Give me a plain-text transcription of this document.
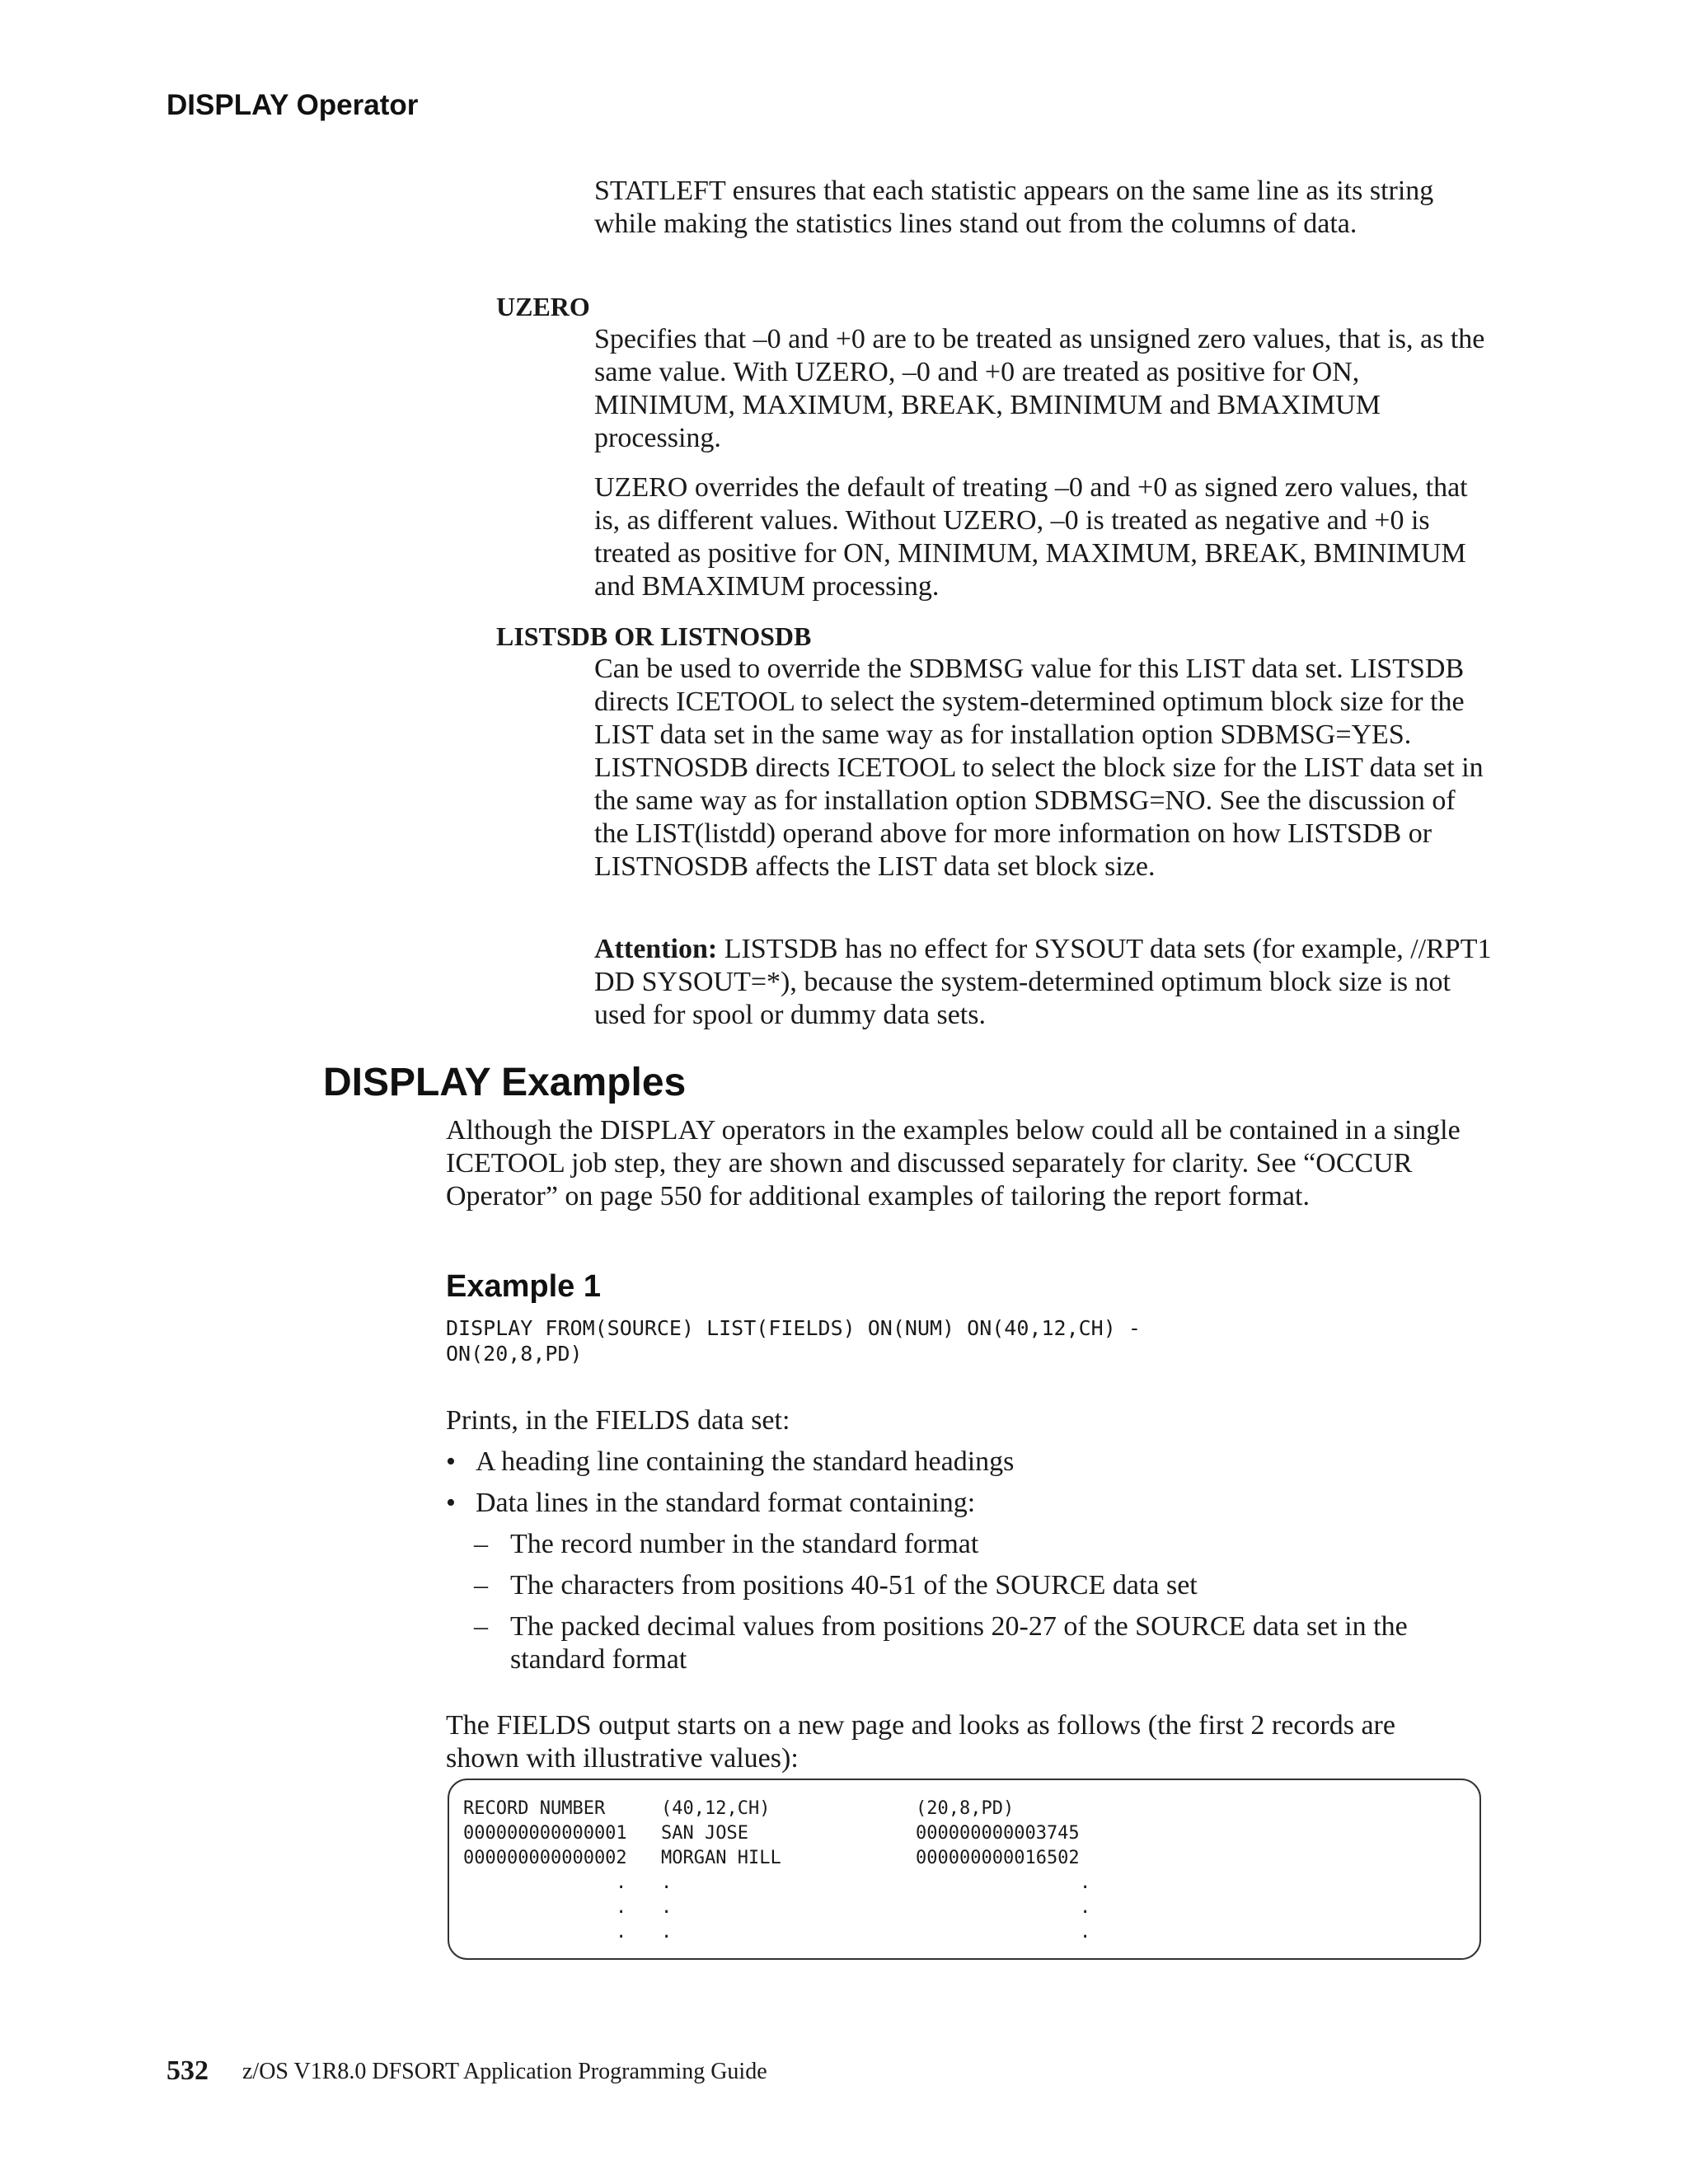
DISPLAY Operator

STATLEFT ensures that each statistic appears on the same line as its string while making the statistics lines stand out from the columns of data.

UZERO

Specifies that –0 and +0 are to be treated as unsigned zero values, that is, as the same value. With UZERO, –0 and +0 are treated as positive for ON, MINIMUM, MAXIMUM, BREAK, BMINIMUM and BMAXIMUM processing.

UZERO overrides the default of treating –0 and +0 as signed zero values, that is, as different values. Without UZERO, –0 is treated as negative and +0 is treated as positive for ON, MINIMUM, MAXIMUM, BREAK, BMINIMUM and BMAXIMUM processing.

LISTSDB OR LISTNOSDB

Can be used to override the SDBMSG value for this LIST data set. LISTSDB directs ICETOOL to select the system-determined optimum block size for the LIST data set in the same way as for installation option SDBMSG=YES. LISTNOSDB directs ICETOOL to select the block size for the LIST data set in the same way as for installation option SDBMSG=NO. See the discussion of the LIST(listdd) operand above for more information on how LISTSDB or LISTNOSDB affects the LIST data set block size.

Attention: LISTSDB has no effect for SYSOUT data sets (for example, //RPT1 DD SYSOUT=*), because the system-determined optimum block size is not used for spool or dummy data sets.

DISPLAY Examples

Although the DISPLAY operators in the examples below could all be contained in a single ICETOOL job step, they are shown and discussed separately for clarity. See “OCCUR Operator” on page 550 for additional examples of tailoring the report format.

Example 1
DISPLAY FROM(SOURCE) LIST(FIELDS) ON(NUM) ON(40,12,CH) -
ON(20,8,PD)
Prints, in the FIELDS data set:
• A heading line containing the standard headings
• Data lines in the standard format containing:
– The record number in the standard format
– The characters from positions 40-51 of the SOURCE data set
– The packed decimal values from positions 20-27 of the SOURCE data set in the standard format

The FIELDS output starts on a new page and looks as follows (the first 2 records are shown with illustrative values):

RECORD NUMBER	(40,12,CH)	(20,8,PD)
000000000000001 SAN JOSE	000000000003745
000000000000002 MORGAN HILL	000000000016502
. .	.
. .	.
. .	.
532 z/OS V1R8.0 DFSORT Application Programming Guide
